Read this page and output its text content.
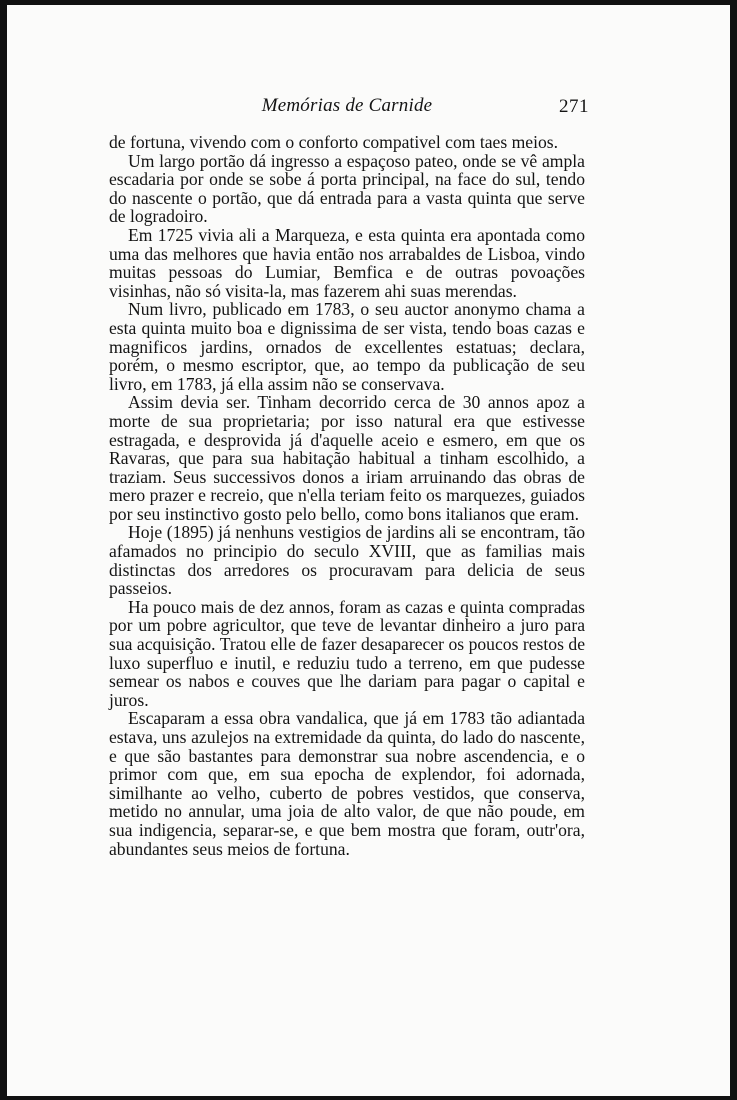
Memórias de Carnide	271

de fortuna, vivendo com o conforto compativel com taes meios.

Um largo portão dá ingresso a espaçoso pateo, onde se vê ampla escadaria por onde se sobe á porta principal, na face do sul, tendo do nascente o portão, que dá entrada para a vasta quinta que serve de logradoiro.

Em 1725 vivia ali a Marqueza, e esta quinta era apontada como uma das melhores que havia então nos arrabaldes de Lisboa, vindo muitas pessoas do Lumiar, Bemfica e de outras povoações visinhas, não só visita-la, mas fazerem ahi suas merendas.

Num livro, publicado em 1783, o seu auctor anonymo chama a esta quinta muito boa e dignissima de ser vista, tendo boas cazas e magnificos jardins, ornados de excellentes estatuas; declara, porém, o mesmo escriptor, que, ao tempo da publicação de seu livro, em 1783, já ella assim não se conservava.

Assim devia ser. Tinham decorrido cerca de 30 annos apoz a morte de sua proprietaria; por isso natural era que estivesse estragada, e desprovida já d'aquelle aceio e esmero, em que os Ravaras, que para sua habitação habitual a tinham escolhido, a traziam. Seus successivos donos a iriam arruinando das obras de mero prazer e recreio, que n'ella teriam feito os marquezes, guiados por seu instinctivo gosto pelo bello, como bons italianos que eram.

Hoje (1895) já nenhuns vestigios de jardins ali se encontram, tão afamados no principio do seculo XVIII, que as familias mais distinctas dos arredores os procuravam para delicia de seus passeios.

Ha pouco mais de dez annos, foram as cazas e quinta compradas por um pobre agricultor, que teve de levantar dinheiro a juro para sua acquisição. Tratou elle de fazer desaparecer os poucos restos de luxo superfluo e inutil, e reduziu tudo a terreno, em que pudesse semear os nabos e couves que lhe dariam para pagar o capital e juros.

Escaparam a essa obra vandalica, que já em 1783 tão adiantada estava, uns azulejos na extremidade da quinta, do lado do nascente, e que são bastantes para demonstrar sua nobre ascendencia, e o primor com que, em sua epocha de explendor, foi adornada, similhante ao velho, cuberto de pobres vestidos, que conserva, metido no annular, uma joia de alto valor, de que não poude, em sua indigencia, separar-se, e que bem mostra que foram, outr'ora, abundantes seus meios de fortuna.
